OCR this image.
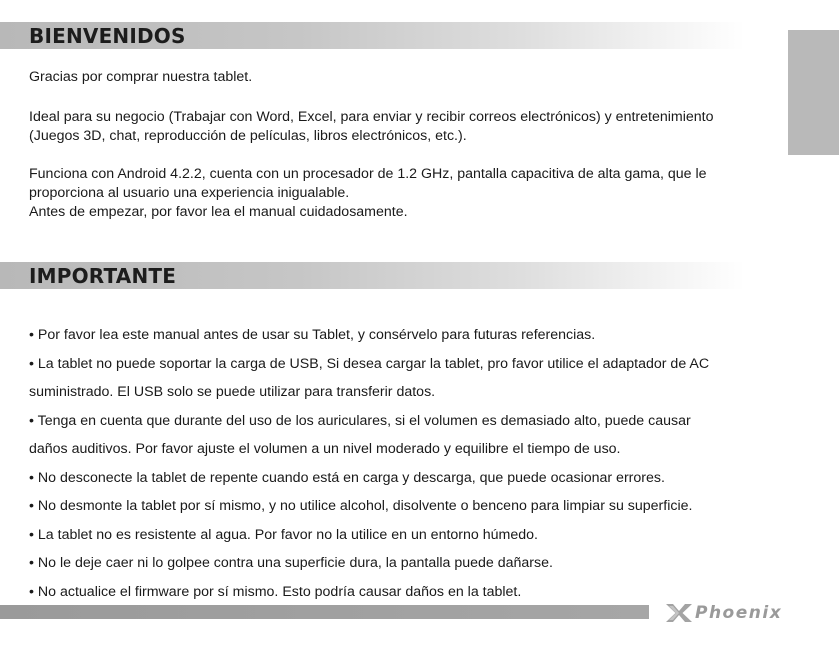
BIENVENIDOS

Gracias por comprar nuestra tablet.

Ideal para su negocio (Trabajar con Word, Excel, para enviar y recibir correos electrónicos) y entretenimiento
(Juegos 3D, chat, reproducción de películas, libros electrónicos, etc.).

Funciona con Android 4.2.2, cuenta con un procesador de 1.2 GHz, pantalla capacitiva de alta gama, que le
proporciona al usuario una experiencia inigualable.
Antes de empezar, por favor lea el manual cuidadosamente.

IMPORTANTE
• Por favor lea este manual antes de usar su Tablet, y consérvelo para futuras referencias.
• La tablet no puede soportar la carga de USB, Si desea cargar la tablet, pro favor utilice el adaptador de AC
suministrado. El USB solo se puede utilizar para transferir datos.
• Tenga en cuenta que durante del uso de los auriculares, si el volumen es demasiado alto, puede causar
daños auditivos. Por favor ajuste el volumen a un nivel moderado y equilibre el tiempo de uso.
• No desconecte la tablet de repente cuando está en carga y descarga, que puede ocasionar errores.
• No desmonte la tablet por sí mismo, y no utilice alcohol, disolvente o benceno para limpiar su superficie.
• La tablet no es resistente al agua. Por favor no la utilice en un entorno húmedo.
• No le deje caer ni lo golpee contra una superficie dura, la pantalla puede dañarse.
• No actualice el firmware por sí mismo. Esto podría causar daños en la tablet.
Phoenix
